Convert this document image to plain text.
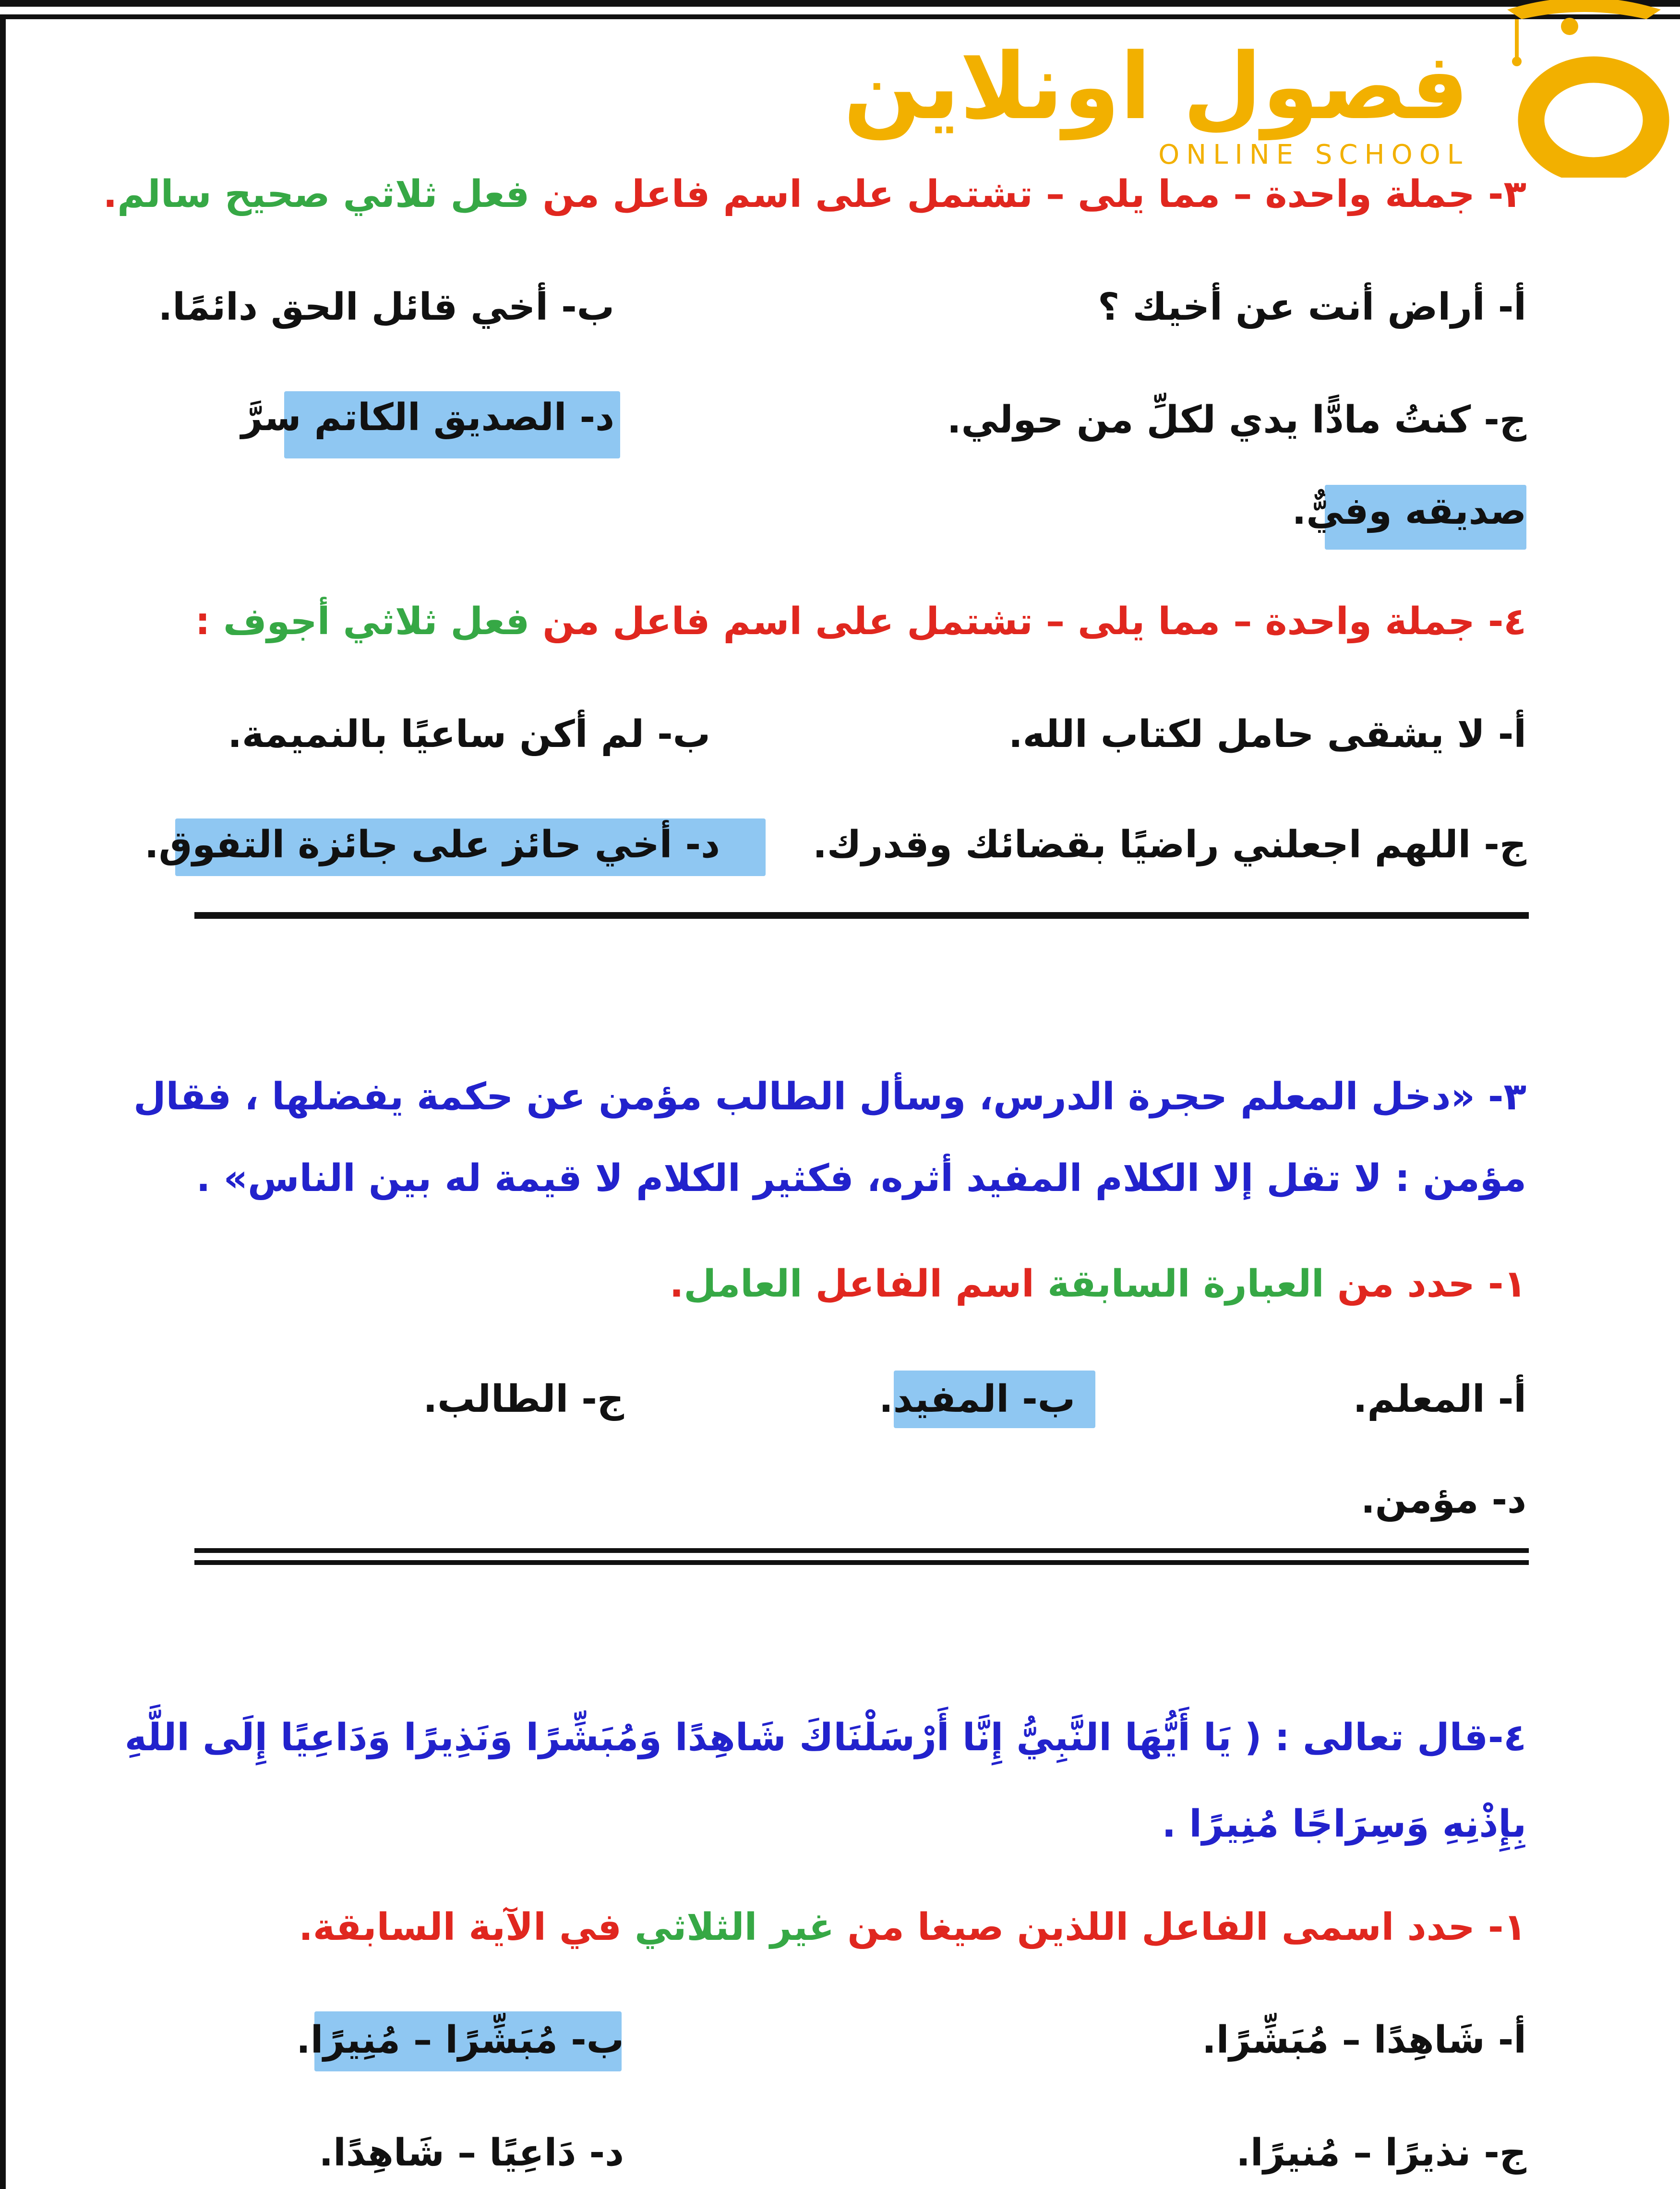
فصول اونلاين
ONLINE SCHOOL
٣- جملة واحدة – مما يلى – تشتمل على اسم فاعل من فعل ثلاثي صحيح سالم.
أ- أراض أنت عن أخيك ؟
ب- أخي قائل الحق دائمًا.
ج- كنتُ مادًّا يدي لكلِّ من حولي.
د- الصديق الكاتم سرَّ
صديقه وفيٌّ.
٤- جملة واحدة – مما يلى – تشتمل على اسم فاعل من فعل ثلاثي أجوف :
أ- لا يشقى حامل لكتاب الله.
ب- لم أكن ساعيًا بالنميمة.
ج- اللهم اجعلني راضيًا بقضائك وقدرك.
د- أخي حائز على جائزة التفوق.
٣- «دخل المعلم حجرة الدرس، وسأل الطالب مؤمن عن حكمة يفضلها ، فقال
مؤمن : لا تقل إلا الكلام المفيد أثره، فكثير الكلام لا قيمة له بين الناس» .
١- حدد من العبارة السابقة اسم الفاعل العامل.
أ- المعلم.
ب- المفيد.
ج- الطالب.
د- مؤمن.
٤-قال تعالى : ( يَا أَيُّهَا النَّبِيُّ إِنَّا أَرْسَلْنَاكَ شَاهِدًا وَمُبَشِّرًا وَنَذِيرًا وَدَاعِيًا إِلَى اللَّهِ
بِإِذْنِهِ وَسِرَاجًا مُنِيرًا .
١- حدد اسمى الفاعل اللذين صيغا من غير الثلاثي في الآية السابقة.
أ- شَاهِدًا – مُبَشِّرًا.
ب- مُبَشِّرًا – مُنِيرًا.
ج- نذيرًا – مُنيرًا.
د- دَاعِيًا – شَاهِدًا.
